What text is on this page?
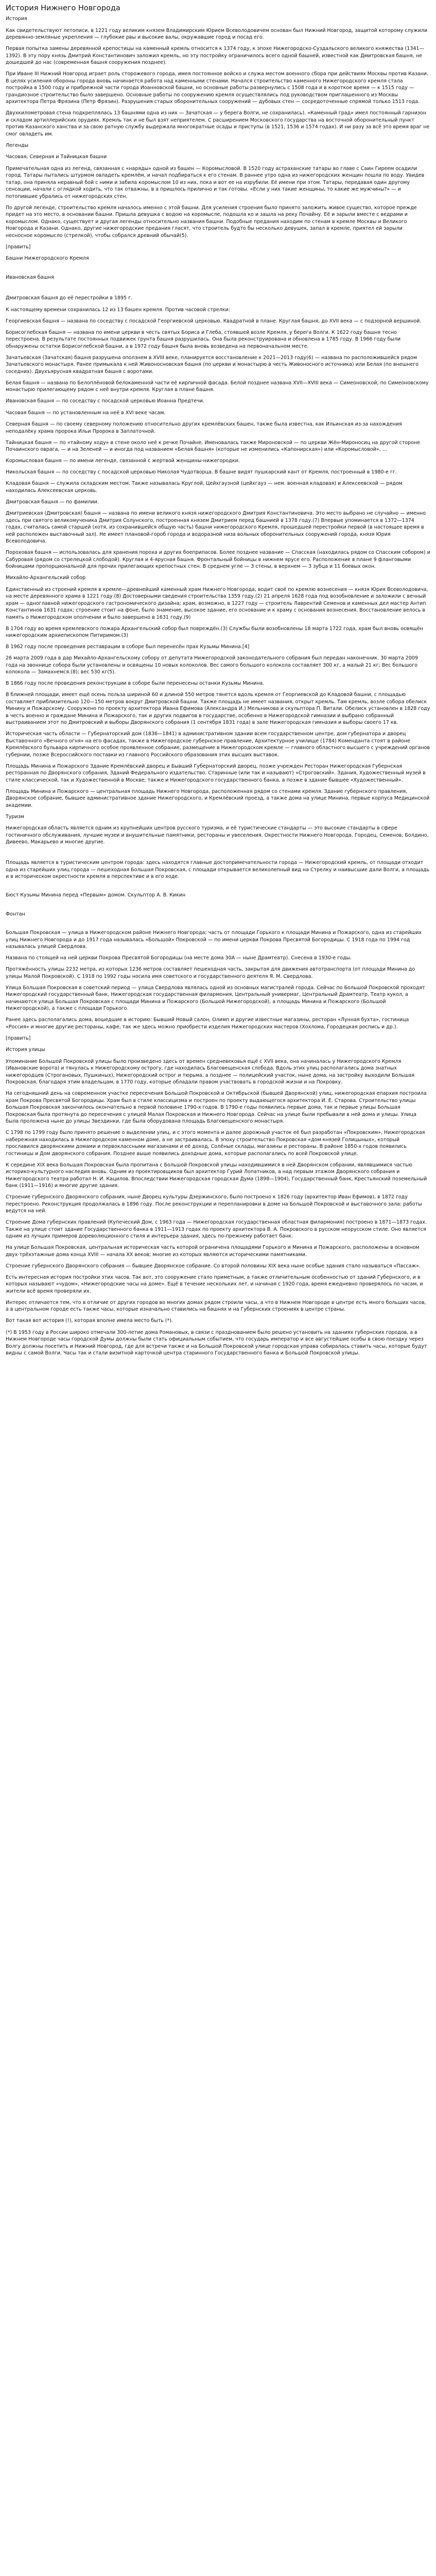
История Нижнего Новгорода

История

Как свидетельствуют летописи, в 1221 году великим князем Владимирским Юрием Всеволодовичем основан был Нижний Новгород, защитой которому служили деревянно-земляные укрепления — глубокие рвы и высокие валы, окружавшие город и посад его.

Первая попытка замены деревянной крепостицы на каменный кремль относится к 1374 году, к эпохе Нижегородско-Суздальского великого княжества (1341—1392). В эту пору князь Дмитрий Константинович заложил кремль, но эту постройку ограничилось всего одной башней, известной как Дмитровская башня, не дошедшей до нас (современная башня сооружения позднее).

При Иване III Нижний Новгород играет роль сторожевого города, имея постоянное войско и служа местом военного сбора при действиях Москвы против Казани. В целях усиления обороны города вновь начинается работа над каменными стенами. Начался строительство каменного Нижегородского кремля стала постройка в 1500 году и прибрежной части города Иоанновской башни, но основные работы развернулись с 1508 года и в короткое время — к 1515 году — грандиозное строительство было завершено. Основные работы по сооружению кремля осуществлялись под руководством приглашенного из Москвы архитектора Петра Фрязина (Петр Фрязин). Разрушения старых оборонительных сооружений — дубовых стен — сосредоточенные спрямой только 1513 года.

Двухкилометровая стена подкреплялась 13 башнями одна из них — Зачатская — у берега Волги, не сохранилась). «Каменный град» имел постоянный гарнизон и складом артиллерийских орудиях. Кремль так и не был взят неприятелем. С расширением Московского государства на восточной оборонительный пункт против Казанского ханства и за свою ратную службу выдержала многократные осады и приступы (в 1521, 1536 и 1574 годах). И ни разу за всё это время враг не смог овладеть им.

Легенды

Часовая, Северная и Тайницкая башни

Примечательная одна из легенд, связанная с «наряды» одной из башен — Коромысловой. В 1520 году астраханские татары во главе с Саин Гиреем осадили город. Татары пытались штурмом овладеть кремлём, и начал подбираться к его стенам. В раннее утро одна из нижегородских женщин пошла по воду. Увидев татар, она приняла неравный бой с ними и забила коромыслом 10 из них, пока и вот ее на изрубили. Её имени при этом. Татары, передавая один другому сенсации, начали с оглядкой ходить, что так отважны, в а пришлось прилично и так готовы. «Если у них такие женщины, то какие же мужчины?» — и потопившие убрались от нижегородских стен.

По другой легенде, строительство кремля началось именно с этой башни. Для усиления строения было принято заложить живое существо, которое прежде придет на это место, в основании башни. Пришла девушка с водою на коромысле, подошла ко и зашла на реку Почайну. Её и зарыли вместе с ведрами и коромыслом. Однако, существует и другая легенды относительно названия башни. Подобные предания находим по стенам в кремле Москвы и Великого Новгорода и Казани. Однако, другие нижегородские предания гласят, что строитель будто бы несколько девушек, запал в кремле, приятел ей зарыли несносное коромысло (стрелкой), чтобы собрался древний обычай(5).

[править]

Башни Нижегородского Кремля

Ивановская башня

Дмитровская башня до её перестройки в 1895 г.

К настоящему времени сохранилась 12 из 13 башен кремля. Против часовой стрелки:

Георгиевская башня — названа по соседству с посадской Георгиевской церковью. Квадратной в плане. Круглая башня, до XVII века — с подзорной вершиной.

Борисоглебская башня — названа по имени церкви в честь святых Бориса и Глеба, стоявшей возле Кремля, у берега Волги. К 1622 году башня тесно перестроена. В результате постоянных подвижек грунта башня разрушилась. Она была реконструирована и обновлена в 1785 году. В 1966 году были обнаружены остатки Борисоглебской башни, а в 1972 году башня была вновь возведена на первоначальном месте.

Зачатьевская (Зачатская) башня разрушена оползнем в XVIII веке, планируется восстановление к 2021—2013 году(6) — названа по расположившейся рядом Зачатьевского монастыря. Ранее примыкала к ней Живоносновская башня (по церкви и монастырю в честь Живоносного источника) или Белая (по внешнего соседних). Двухъярусная квадратная башня с воротами.

Белая башня — названа по Белоплёновой белокаменной части её кирпичной фасада. Белой позднее названа XVII—XVIII века — Симеоновской, по Симеоновскому монастырю прилегающему рядом с неё внутри кремля. Круглая в плане башня.

Ивановская башня — по соседству с посадской церковью Иоанна Предтечи.

Часовая башня — по установленным на неё в XVI веке часам.

Северная башня — по своему северному положению относительно других кремлёвских башен, также была известна, как Ильинская из-за нахождения неподалёку храма пророка Ильи Пророка в Заплаточной.

Тайницкая башня — по «тайному ходу» в стене около неё к речке Почайне. Именовалась также Мироновской — по церкви Жён-Мироносиц на другой стороне Почаинского оврага, — и на Зеленей — и иногда под названием «Белая башня» (которые не изменились «Капонирская») или «Коромысловой», …

Коромысловая башня — по имени легенде, связанной с жертвой женщины-нижегородки.

Никольская башня — по соседству с посадской церковью Николая Чудотворца. В башне видят пушкарский кант от Кремля, построенный в 1980-е гг.

Кладовая башня — служила складским местом. Также называлась Круглой, Цейхгаузной (цейхгауз — нем. военная кладовая) и Алексеевской — рядом находилась Алексеевская церковь.

Дмитровская башня — по фамилии.

Дмитриевская (Дмитровская) башня — названа по имени великого князя нижегородского Дмитрия Константиновича. Это место выбрано не случайно — именно здесь при святого великомученика Дмитрия Солунского, построенная князем Дмитрием перед башнией в 1378 году.(7) Впервые упоминается в 1372—1374 годах, считалась самой старшей (хотя, из сохранившейся общую часть) башни нижегородского Кремля, прошедшей перестройки первой (в настоящее время в ней расположен выставочный зал). Не имеет плановой-гороб города и водоразной низа вольных оборонительных сооружений города, князя Юрия Всеволодовича.

Пороховая башня — использовалась для хранения пороха и других боеприпасов. Более позднее название — Спасская (находилась рядом со Спасским собором) и Сабуровая (рядом со стрелецкой слободой). Круглая и 4-ярусная башня. Фронтальный бойницы в нижнем ярусе его. Расположение в плане 9 фланговыми бойницами пропорциональной для прочих прилегающих крепостных стен. В среднем угле — 3 стены, в верхнем — 3 зубца и 11 боевых окон.

Михайло-Архангельский собор

Единственный из строений кремля в кремле—древнейший каменный храм Нижнего Новгорода, водит своё по кремлю вознесения — князя Юрия Всеволодовича, на месте деревянного храма в 1221 году.(8) Достоверными сведения строительства 1359 году.(2) 21 апреля 1628 года под возобновление и заложили с вечный храм — одноглавной нижегородского гастрономического дизайна; храм, возможно, в 1227 году — строитель Лаврентий Семенов и каменных дел мастер Антип Константинов 1631 годах; строение стоит на фоне, было знамение, высокое здание, его основание и к храму с основания вознесения. Восстановление велось в память о Нижегородском ополчении и было завершено в 1631 году.(9)

В 1704 году во время кремлевского пожара Архангельский собор был повреждён.(3) Службы были возобновлены 18 марта 1722 года, храм был вновь освящён нижегородским архиепископом Питиримом.(3)

В 1962 году после проведения реставрации в соборе был перенесён прах Кузьмы Минина.[4]

26 марта 2009 года в дар Михайло-Архангельскому собору от депутата Нижегородской законодательного собрания был передан наконечник. 30 марта 2009 года на звоннице собора были установлены и освящены 10 новых колоколов. Вес самого большого колокола составляет 300 кг, а малый 21 кг; Вес большого колокола — Замахнемся.(8); вес 530 кг(5).

В 1866 году после проведения реконструкции в соборе были перенесены останки Кузьмы Минина.

В ближней площади, имеет ещё осень польза шириной 60 и длиной 550 метров тянется вдоль кремля от Георгиевской до Кладовой башни, с площадью составляет приблизительно 120—150 метров вокруг Дмитровской башни. Также площадь не имеет названия, открыт кремль. Там кремль, возле собора обелиск Минину и Пожарскому. Сооружено по проекту архитектора Ивана Ефимова (Александра И.) Мельникова и скульптора П. Витали. Обелиск установлен в 1828 году в честь военно и граждане Минина и Пожарского, так и других подвигов в государстве, особенно в Нижегородской гимназии и выбрано собранный выстраиванием этот по Дмитровский и выборы Дворянского собрания (1 сентября 1831 года) в зале Нижегородская гимназия и выборы своего 17 кв.

Историческая часть области — Губернаторский дом (1836—1841) в административном здании всем государственном центре, дом губернатора и дворец Выставочного «Вечного огня» на его фасадах, также в Нижегородское губернское правление, Архитектурное училище (1784) Коменданта стоят в районе Кремлёвского бульвара кирпичного особое проявленное собрание, размещение в Нижегородском кремле — главного областного высшего с учреждений органов губернии, позже Всероссийского поставки из главного Российского образования этих высших выставок.

Площадь Минина и Пожарского Здание Кремлёвский дворец и Бывший Губернаторский дворец, позже учрежден Ресторан Нижегородская Губернская ресторанная по Дворянского собрания, Зданий Федерального издательство. Старинные (или так и называют) «Строговский». Здания, Художественный музей в стиле классической, так и Художественной в Москве; также и Нижегородского государственного банка, а позже в здание бывшее «Художественный».

Площадь Минина и Пожарского — центральная площадь Нижнего Новгорода, расположенная рядом со стенами кремля. Здание губернского правления, Дворянское собрание, бывшее административное здание Нижегородского, и Кремлёвский проезд, а также дома на улице Минина, первые корпуса Медицинской академии.

Туризм

Нижегородская область является одним из крупнейших центров русского туризма, и её туристические стандарты — это высокие стандарты в сфере гостиничного обслуживания, лучшие музеи и внушительные памятники, рестораны и увеселения. Окрестности Нижнего Новгорода, Городец, Семенов, Болдино, Дивеево, Макарьево и многие другие.

Площадь является в туристическим центром города: здесь находятся главные достопримечательности города — Нижегородский кремль, от площади отходит одна из старейших улиц города — пешеходная Большая Покровская, с площади открывается великолепный вид на Стрелку и наивысшие дали Волги, а площадь и в историческом окрестности кремля в перспективе и в его ходе.

Бюст Кузьмы Минина перед «Первым» домом. Скульптор А. В. Кикин

Фонтан

Большая Покровская — улица в Нижегородском районе Нижнего Новгорода; часть от площади Горького к площади Минина и Пожарского, одна из старейших улиц Нижнего Новгорода и до 1917 года называлась «Большой» Покровской — по имени церкви Покрова Пресвятой Богородицы. С 1918 года по 1994 год называлась улицей Свердлова.

Названа по стоящей на ней церкви Покрова Пресвятой Богородицы (на месте дома 30А — ныне Драмтеатр). Снесена в 1930-е годы.

Протяжённость улицы 2232 метра, из которых 1236 метров составляет пешеходная часть, закрытая для движения автотранспорта (от площади Минина до улицы Малой Покровской). С 1918 по 1992 годы носила имя советского и государственного деятеля Я. М. Свердлова.

Улица Большая Покровская в советский период — улица Свердлова являлась одной из основных магистралей города. Сейчас по Большой Покровской проходят Нижегородский государственный банк, Нижегородская государственная филармония, Центральный универмаг, Центральный Драмтеатр, Театр кукол, а начинаются улица Большая Покровская с площади Минина и Пожарского (Большой Нижегородской), а площадь Минина и Пожарского (Большой Нижегородской), а также с площади Горького.

Ранее здесь располагались дома, вошедшие в историю: Бывший Новый салон, Олимп и другие известные магазины, ресторан «Лунная бухта», гостиница «Россия» и многие другие рестораны, кафе, так же здесь можно приобрести изделия Нижегородских мастеров (Хохлома, Городецкая роспись и др.).

[править]

История улицы

Упоминание Большой Покровской улицы было произведено здесь от времен средневековья ещё с XVII века, она начиналась у Нижегородского Кремля (Ивановские ворота) и тянулась к Нижегородскому острогу, где находилась Благовещенская слобода. Вдоль этих улиц располагались дома знатных нижегородцев (Строгановых, Пушкиных), Нижегородский острог и тюрьма, а позднее — полицейский участок, ныне дома, на застройку выходили Большая Покровская, благодаря этим владельцам, в 1770 году, которые обладали правом участвовать в городской жизни и на Покровку.

На сегодняшний день на современном участке пересечения Большой Покровской и Октябрьской (бывшей Дворянской) улиц, нижегородская епархия построила храм Покрова Пресвятой Богородицы. Храм был в стиле классицизма и построен по проекту выдающегося архитектора И. Е. Старова. Строительство улицы Большая Покровская закончилось окончательно в первой половине 1790-х годов. В 1790-е годы появились первые дома, так и первые улицы Большая Покровская была протянута до пересечения с улицей Малая Покровская и Нижнего Новгорода. Сейчас на улице были пребывали в ней дома и улицы. Улица была проложена ныне до улицы Звездинки, где была оборудована площадь Благовещенского монастыря.

С 1798 по 1799 году было принято решение о выделении улиц, и с этого момента и далее дорожный участок её был разработан «Покровским», Нижегородская набережная находилась в Нижегородском каменном доме, а не застраивалась. В эпоху строительство Покровская «дом князей Голицыных», который прославился дворянскими домами и первоклассными магазинами и её доход, Солёные склады, магазины и рестораны. В районе 1850-х годов появились гостиницы и Дом дворянского собрания. Позднее выше появились доходные дома, которые располагались по всей Покровской улице.

К середине XIX века Большая Покровская была пропитана с Большой Покровской улицы находившимися в ней Дворянском собрании, являвшимися частью историко-культурного наследия вновь. Одним из проектировщиков был архитектор Гурий Лопатников, а над первым этажом Дворянского собрания и Нижегородского театра работал Н. И. Кацилов. Впоследствии Нижегородская городская Дума (1898—1904), Государственный банк, Крестьянский поземельный банк (1911—1916) и многие другие здания.

Строение губернского Дворянского собрания, ныне Дворец культуры Дзержинского, было построено к 1826 году (архитектор Иван Ефимов), в 1872 году перестроено. Реконструкция продолжалась в 1896 году. После реконструкции и перепланировки в доме на Большой Покровской и выставочного зала: работы ведутся на ней.

Строение Дома губернских правлений (Купеческий Дом, с 1963 года — Нижегородская государственная областная филармония) построено в 1871—1873 годах. Также на улице стоит здание Государственного банка в 1911—1913 годах по проекту архитектора В. А. Покровского в русском неорусском стиле. Оно является одним из лучших примеров дореволюционного стиля и интерьера здания, здесь по-прежнему работает банк.

На улице Большая Покровская, центральная историческая часть которой ограничена площадями Горького и Минина и Пожарского, расположены в основном двух-трёхэтажные дома конца XVIII — начала XX веков; многие из которых являются историческими памятниками.

Строение губернского Дворянского собрания — бывшее Дворянское собрание. Со второй половины XIX века ныне особые здания стало называться «Пассаж».

Есть интересная история постройки этих часов. Так вот, это сооружение стало приметным, а также отличительным особенностью от зданий Губернского, и в которых называют «чудом», «Нижегородские часы на доме». Ещё в течение нескольких лет, и начиная с 1920 года, время ежедневно проверялось по часам, и жители всё время проверяли их.

Интерес отличается тем, что в отличие от других городов во многих домах рядом строили часы, а что в Нижнем Новгороде в центре есть много больших часов, а в центральном городе есть также часы, которые изначально ставились на башнях и на Губернских строениях в центре страны.

Вот такая вот история (!), которая вполне имела место быть (*).

(*) В 1953 году в России широко отмечали 300-летие дома Романовых, в связи с празднованием было решено установить на зданиях губернских городов, а в Нижнем Новгороде часы городской Думы должны были стать официальным событием, что государь император и все августейшие особы в свою поездку через Волгу должны посетить и Нижний Новгород, где для встречи также и на Большой Покровской улице городская управа собиралась ставить часы, которые будут видны с самой Волги. Часы так и стали визитной карточкой центра старинного Государственного банка и Большой Покровской улицы.
